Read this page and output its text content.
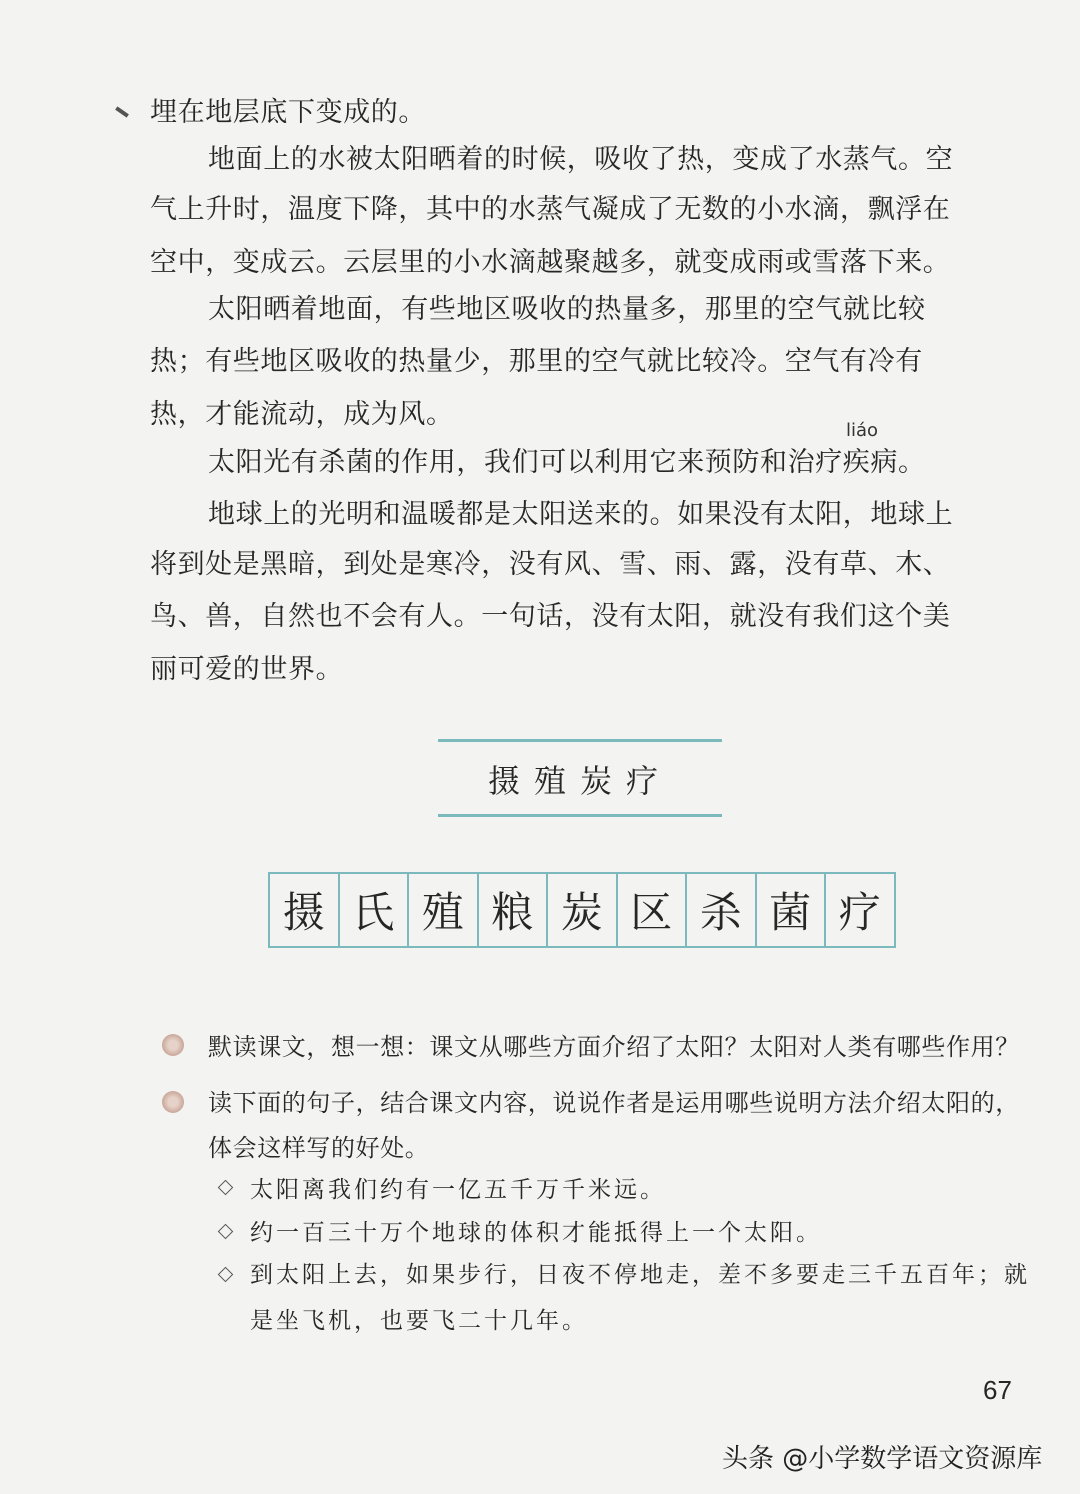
埋在地层底下变成的。
地面上的水被太阳晒着的时候，吸收了热，变成了水蒸气。空
气上升时，温度下降，其中的水蒸气凝成了无数的小水滴，飘浮在
空中，变成云。云层里的小水滴越聚越多，就变成雨或雪落下来。
太阳晒着地面，有些地区吸收的热量多，那里的空气就比较
热；有些地区吸收的热量少，那里的空气就比较冷。空气有冷有
热，才能流动，成为风。
liáo
太阳光有杀菌的作用，我们可以利用它来预防和治疗疾病。
地球上的光明和温暖都是太阳送来的。如果没有太阳，地球上
将到处是黑暗，到处是寒冷，没有风、雪、雨、露，没有草、木、
鸟、兽，自然也不会有人。一句话，没有太阳，就没有我们这个美
丽可爱的世界。
摄殖炭疗
摄 氏 殖 粮 炭 区 杀 菌 疗
默读课文，想一想：课文从哪些方面介绍了太阳？太阳对人类有哪些作用？
读下面的句子，结合课文内容，说说作者是运用哪些说明方法介绍太阳的，
体会这样写的好处。
太阳离我们约有一亿五千万千米远。
约一百三十万个地球的体积才能抵得上一个太阳。
到太阳上去，如果步行，日夜不停地走，差不多要走三千五百年；就
是坐飞机，也要飞二十几年。
67
头条 @小学数学语文资源库
